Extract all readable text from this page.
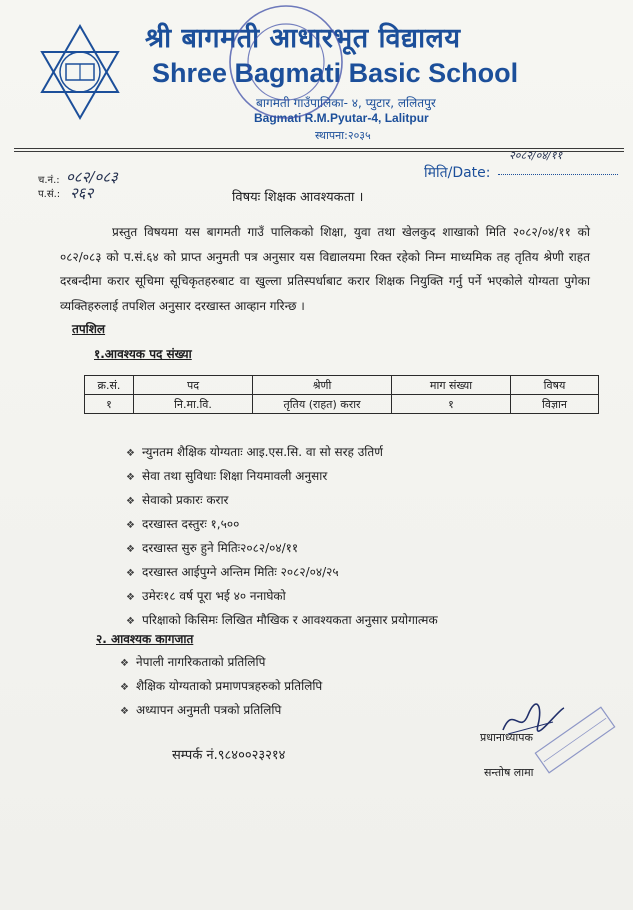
श्री बागमती आधारभूत विद्यालय
Shree Bagmati Basic School
बागमती गाउँपालिका- ४, प्युटार, ललितपुर
Bagmati R.M.Pyutar-4, Lalitpur
स्थापना:२०३५
च.नं.: ०८२/०८३
प.सं.: २६२
२०८२/०४/११
मिति/Date:
विषयः शिक्षक आवश्यकता ।
प्रस्तुत विषयमा यस बागमती गाउँ पालिकको शिक्षा, युवा तथा खेलकुद शाखाको मिति २०८२/०४/११ को ०८२/०८३ को प.सं.६४ को प्राप्त अनुमती पत्र अनुसार यस विद्यालयमा रिक्त रहेको निम्न माध्यमिक तह तृतिय श्रेणी राहत दरबन्दीमा करार सूचिमा सूचिकृतहरुबाट वा खुल्ला प्रतिस्पर्धाबाट करार शिक्षक नियुक्ति गर्नु पर्ने भएकोले योग्यता पुगेका व्यक्तिहरुलाई तपशिल अनुसार दरखास्त आव्हान गरिन्छ ।
तपशिल
१.आवश्यक पद संख्या
क्र.सं.	पद	श्रेणी	माग संख्या	विषय
१	नि.मा.वि.	तृतिय (राहत) करार	१	विज्ञान
❖ न्युनतम शैक्षिक योग्यताः आइ.एस.सि. वा सो सरह उतिर्ण
❖ सेवा तथा सुविधाः शिक्षा नियमावली अनुसार
❖ सेवाको प्रकारः करार
❖ दरखास्त दस्तुरः १,५००
❖ दरखास्त सुरु हुने मितिः२०८२/०४/११
❖ दरखास्त आईपुग्ने अन्तिम मितिः २०८२/०४/२५
❖ उमेरः१८ वर्ष पूरा भई ४० ननाघेको
❖ परिक्षाको किसिमः लिखित मौखिक र आवश्यकता अनुसार प्रयोगात्मक
२. आवश्यक कागजात
❖ नेपाली नागरिकताको प्रतिलिपि
❖ शैक्षिक योग्यताको प्रमाणपत्रहरुको प्रतिलिपि
❖ अध्यापन अनुमती पत्रको प्रतिलिपि
सम्पर्क नं.९८४००२३२१४
प्रधानाध्यापक
सन्तोष लामा
